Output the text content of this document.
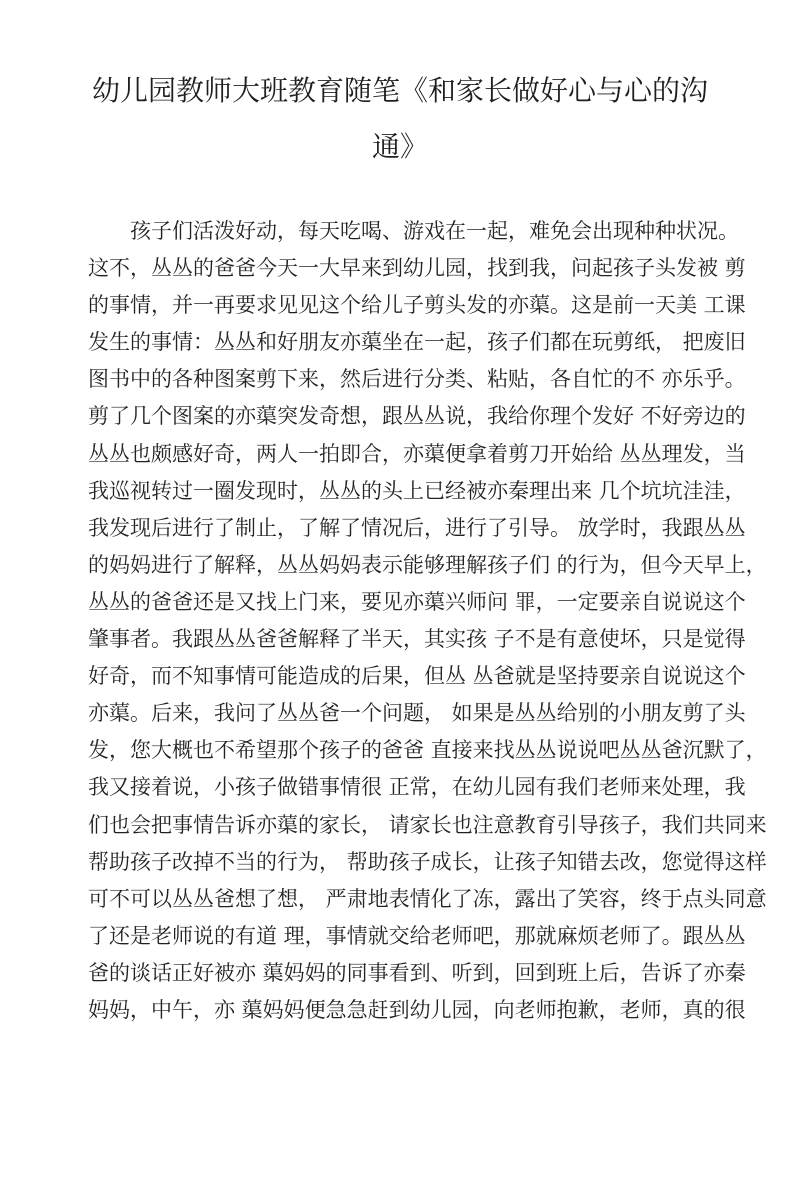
幼儿园教师大班教育随笔《和家长做好心与心的沟
通》
孩子们活泼好动，每天吃喝、游戏在一起，难免会出现种种状况。
这不，丛丛的爸爸今天一大早来到幼儿园，找到我，问起孩子头发被 剪
的事情，并一再要求见见这个给儿子剪头发的亦蕖。这是前一天美 工课
发生的事情：丛丛和好朋友亦蕖坐在一起，孩子们都在玩剪纸， 把废旧
图书中的各种图案剪下来，然后进行分类、粘贴，各自忙的不 亦乐乎。
剪了几个图案的亦蕖突发奇想，跟丛丛说，我给你理个发好 不好旁边的
丛丛也颇感好奇，两人一拍即合，亦蕖便拿着剪刀开始给 丛丛理发，当
我巡视转过一圈发现时，丛丛的头上已经被亦秦理出来 几个坑坑洼洼，
我发现后进行了制止，了解了情况后，进行了引导。 放学时，我跟丛丛
的妈妈进行了解释，丛丛妈妈表示能够理解孩子们 的行为，但今天早上，
丛丛的爸爸还是又找上门来，要见亦蕖兴师问 罪，一定要亲自说说这个
肇事者。我跟丛丛爸爸解释了半天，其实孩 子不是有意使坏，只是觉得
好奇，而不知事情可能造成的后果，但丛 丛爸就是坚持要亲自说说这个
亦蕖。后来，我问了丛丛爸一个问题， 如果是丛丛给别的小朋友剪了头
发，您大概也不希望那个孩子的爸爸 直接来找丛丛说说吧丛丛爸沉默了，
我又接着说，小孩子做错事情很 正常，在幼儿园有我们老师来处理，我
们也会把事情告诉亦蕖的家长， 请家长也注意教育引导孩子，我们共同来
帮助孩子改掉不当的行为， 帮助孩子成长，让孩子知错去改，您觉得这样
可不可以丛丛爸想了想， 严肃地表情化了冻，露出了笑容，终于点头同意
了还是老师说的有道 理，事情就交给老师吧，那就麻烦老师了。跟丛丛
爸的谈话正好被亦 蕖妈妈的同事看到、听到，回到班上后，告诉了亦秦
妈妈，中午，亦 蕖妈妈便急急赶到幼儿园，向老师抱歉，老师，真的很
